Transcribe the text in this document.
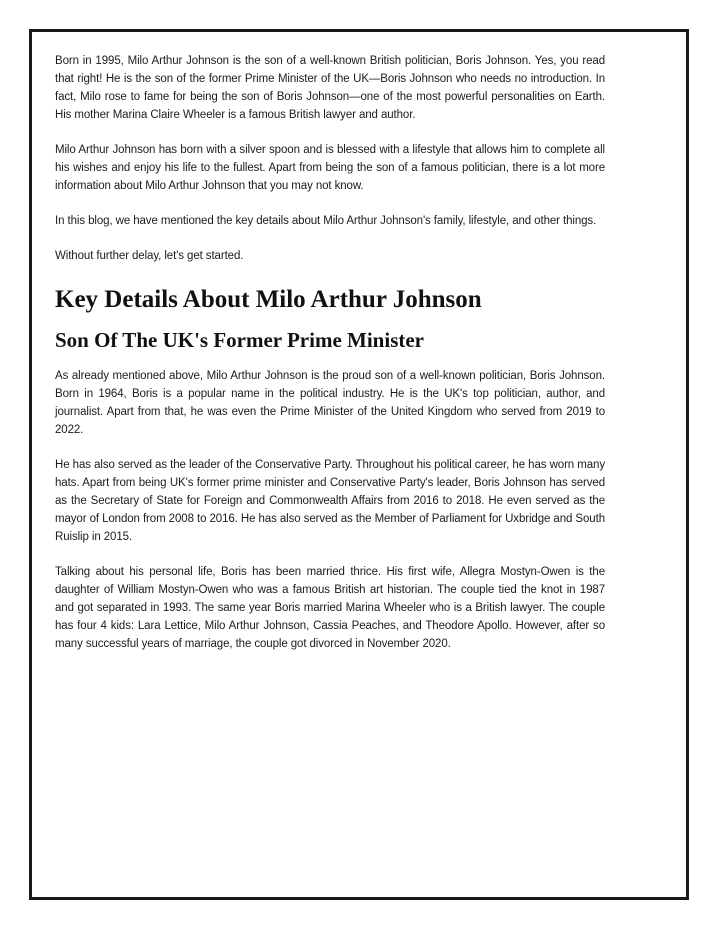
Born in 1995, Milo Arthur Johnson is the son of a well-known British politician, Boris Johnson. Yes, you read that right! He is the son of the former Prime Minister of the UK—Boris Johnson who needs no introduction. In fact, Milo rose to fame for being the son of Boris Johnson—one of the most powerful personalities on Earth. His mother Marina Claire Wheeler is a famous British lawyer and author.

Milo Arthur Johnson has born with a silver spoon and is blessed with a lifestyle that allows him to complete all his wishes and enjoy his life to the fullest. Apart from being the son of a famous politician, there is a lot more information about Milo Arthur Johnson that you may not know.

In this blog, we have mentioned the key details about Milo Arthur Johnson's family, lifestyle, and other things.

Without further delay, let's get started.

Key Details About Milo Arthur Johnson
Son Of The UK's Former Prime Minister

As already mentioned above, Milo Arthur Johnson is the proud son of a well-known politician, Boris Johnson. Born in 1964, Boris is a popular name in the political industry. He is the UK's top politician, author, and journalist. Apart from that, he was even the Prime Minister of the United Kingdom who served from 2019 to 2022.

He has also served as the leader of the Conservative Party. Throughout his political career, he has worn many hats. Apart from being UK's former prime minister and Conservative Party's leader, Boris Johnson has served as the Secretary of State for Foreign and Commonwealth Affairs from 2016 to 2018. He even served as the mayor of London from 2008 to 2016. He has also served as the Member of Parliament for Uxbridge and South Ruislip in 2015.

Talking about his personal life, Boris has been married thrice. His first wife, Allegra Mostyn-Owen is the daughter of William Mostyn-Owen who was a famous British art historian. The couple tied the knot in 1987 and got separated in 1993. The same year Boris married Marina Wheeler who is a British lawyer. The couple has four 4 kids: Lara Lettice, Milo Arthur Johnson, Cassia Peaches, and Theodore Apollo. However, after so many successful years of marriage, the couple got divorced in November 2020.
